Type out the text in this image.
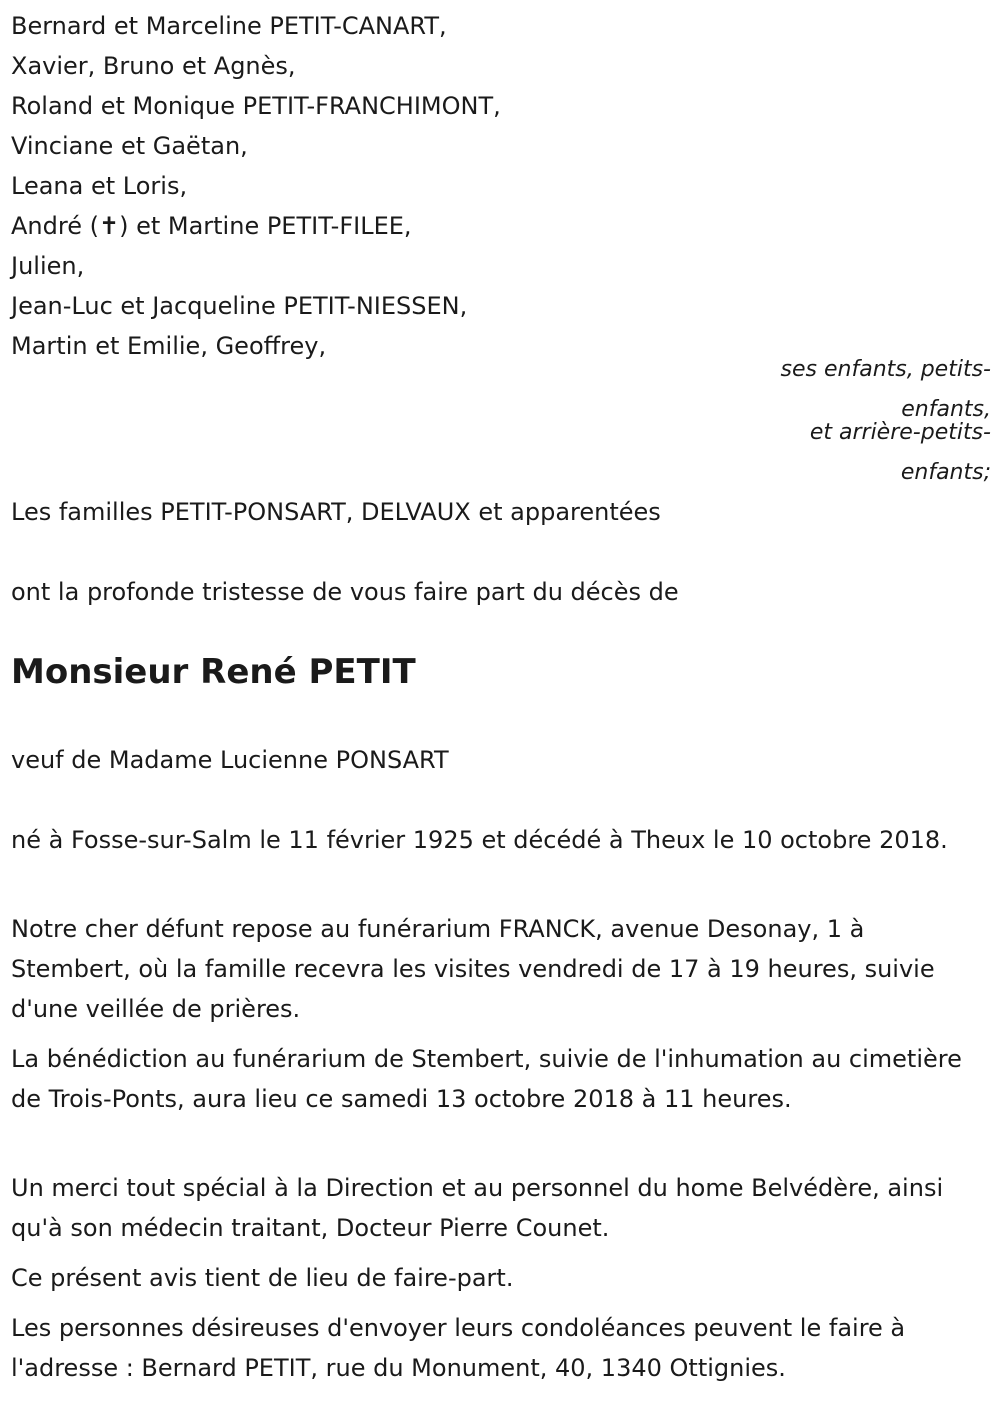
Bernard et Marceline PETIT-CANART,
Xavier, Bruno et Agnès,
Roland et Monique PETIT-FRANCHIMONT,
Vinciane et Gaëtan,
Leana et Loris,
André (✝) et Martine PETIT-FILEE,
Julien,
Jean-Luc et Jacqueline PETIT-NIESSEN,
Martin et Emilie, Geoffrey,

ses enfants, petits-enfants,

et arrière-petits-enfants;

Les familles PETIT-PONSART, DELVAUX et apparentées

ont la profonde tristesse de vous faire part du décès de

Monsieur René PETIT

veuf de Madame Lucienne PONSART

né à Fosse-sur-Salm le 11 février 1925 et décédé à Theux le 10 octobre 2018.

Notre cher défunt repose au funérarium FRANCK, avenue Desonay, 1 à Stembert, où la famille recevra les visites vendredi de 17 à 19 heures, suivie d'une veillée de prières.

La bénédiction au funérarium de Stembert, suivie de l'inhumation au cimetière de Trois-Ponts, aura lieu ce samedi 13 octobre 2018 à 11 heures.

Un merci tout spécial à la Direction et au personnel du home Belvédère, ainsi qu'à son médecin traitant, Docteur Pierre Counet.

Ce présent avis tient de lieu de faire-part.

Les personnes désireuses d'envoyer leurs condoléances peuvent le faire à l'adresse : Bernard PETIT, rue du Monument, 40, 1340 Ottignies.
